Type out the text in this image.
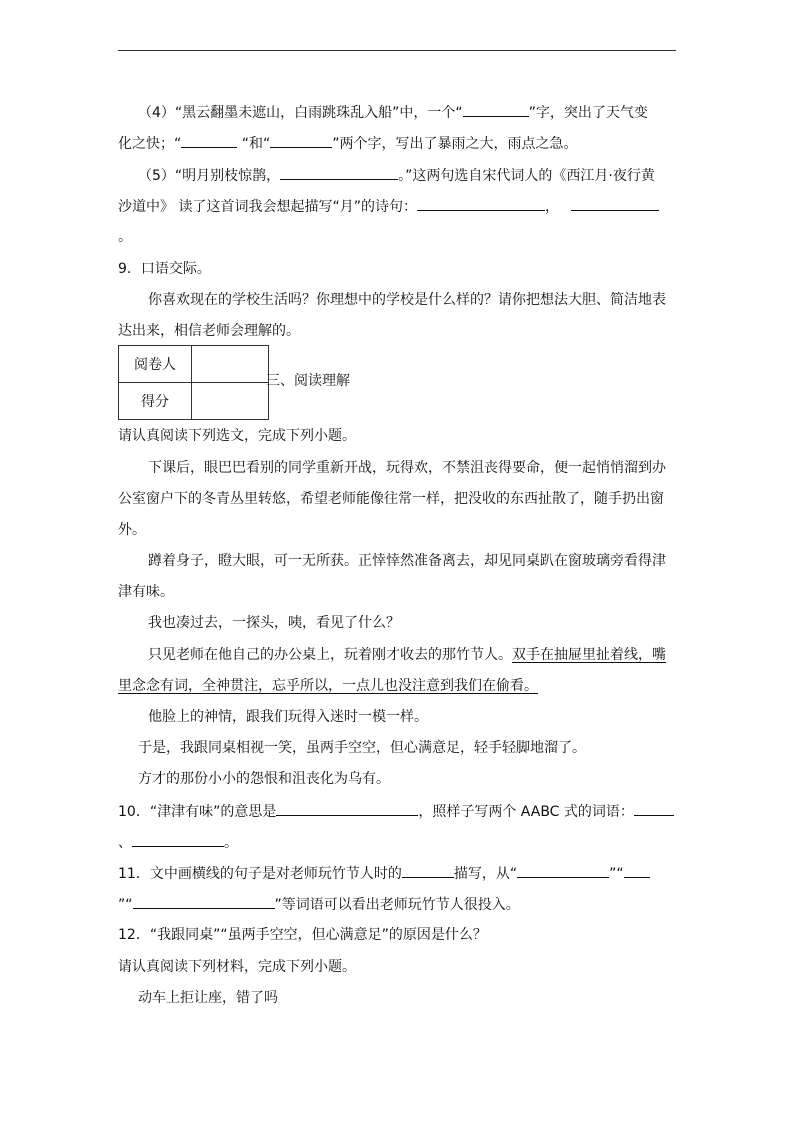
（4）“黑云翻墨未遮山，白雨跳珠乱入船”中，一个“	”字，突出了天气变
化之快；“	“和“	”两个字，写出了暴雨之大，雨点之急。
（5）“明月别枝惊鹊，	。”这两句选自宋代词人的《西江月·夜行黄
沙道中》 读了这首词我会想起描写“月”的诗句：	，
。
9．口语交际。
你喜欢现在的学校生活吗？你理想中的学校是什么样的？请你把想法大胆、简洁地表
达出来，相信老师会理解的。
阅卷人	
得分	
三、阅读理解
请认真阅读下列选文，完成下列小题。
下课后，眼巴巴看别的同学重新开战，玩得欢，不禁沮丧得要命，便一起悄悄溜到办
公室窗户下的冬青丛里转悠，希望老师能像往常一样，把没收的东西扯散了，随手扔出窗
外。
蹲着身子，瞪大眼，可一无所获。正悻悻然准备离去，却见同桌趴在窗玻璃旁看得津
津有味。
我也凑过去，一探头，咦，看见了什么？
只见老师在他自己的办公桌上，玩着刚才收去的那竹节人。双手在抽屉里扯着线，嘴
里念念有词，全神贯注，忘乎所以，一点儿也没注意到我们在偷看。
他脸上的神情，跟我们玩得入迷时一模一样。
于是，我跟同桌相视一笑，虽两手空空，但心满意足，轻手轻脚地溜了。
方才的那份小小的怨恨和沮丧化为乌有。
10．“津津有味”的意思是	，照样子写两个 AABC 式的词语：
、	。
11．文中画横线的句子是对老师玩竹节人时的	描写，从“	”“
”“	”等词语可以看出老师玩竹节人很投入。
12．“我跟同桌”“虽两手空空，但心满意足”的原因是什么？
请认真阅读下列材料，完成下列小题。
动车上拒让座，错了吗
